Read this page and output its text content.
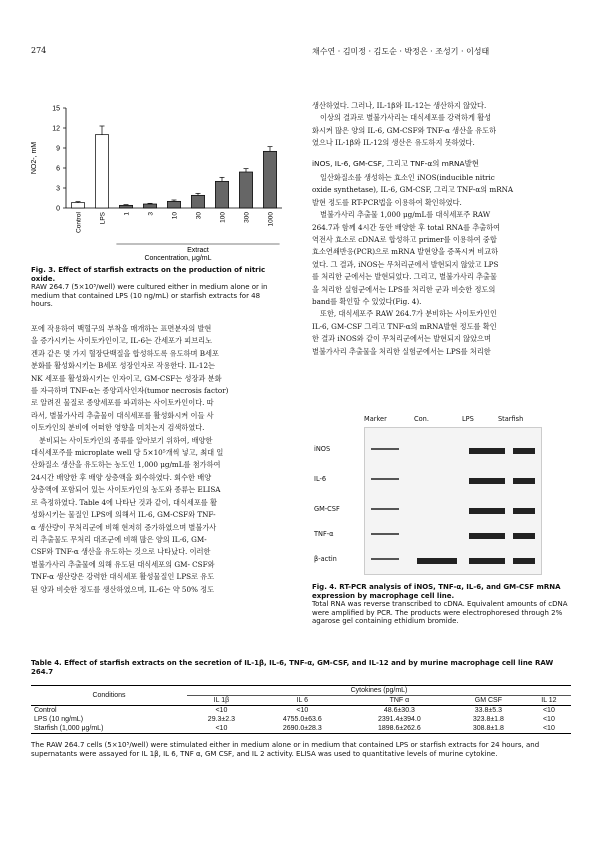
274	채수연 · 김미정 · 김도순 · 박정은 · 조성기 · 이성태
0
3
6
9
12
15
NO2-, mM
Control	LPS	1	3	10	30	100	300	1000
Extract
Concentration, μg/mL
Fig. 3. Effect of starfish extracts on the production of nitric oxide.
RAW 264.7 (5×10⁵/well) were cultured either in medium alone or in medium that contained LPS (10 ng/mL) or starfish extracts for 48 hours.

포에 작용하여 백혈구의 부착을 매개하는 표면분자의 발현

을 증가시키는 사이토카인이고, IL-6는 간세포가 피브리노

겐과 같은 몇 가지 혈장단백질을 합성하도록 유도하며 B세포

분화를 활성화시키는 B세포 성장인자로 작용한다. IL-12는

NK 세포를 활성화시키는 인자이고, GM-CSF는 성장과 분화

를 자극하며 TNF-α는 종양괴사인자(tumor necrosis factor)

로 알려진 물질로 종양세포를 파괴하는 사이토카인이다. 따

라서, 별불가사리 추출물이 대식세포를 활성화시켜 이들 사

이토카인의 분비에 어떠한 영향을 미치는지 검색하였다.

분비되는 사이토카인의 종류를 알아보기 위하여, 배양한

대식세포주를 microplate well 당 5×10⁵개씩 넣고, 최대 일

산화질소 생산을 유도하는 농도인 1,000 μg/mL를 첨가하여

24시간 배양한 후 배양 상층액을 회수하였다. 회수한 배양

상층액에 포함되어 있는 사이토카인의 농도와 종류는 ELISA

로 측정하였다. Table 4에 나타난 것과 같이, 대식세포를 활

성화시키는 물질인 LPS에 의해서 IL-6, GM-CSF와 TNF-

α 생산량이 무처리군에 비해 현저히 증가하였으며 별불가사

리 추출물도 무처리 대조군에 비해 많은 양의 IL-6, GM-

CSF와 TNF-α 생산을 유도하는 것으로 나타났다. 이러한

별불가사리 추출물에 의해 유도된 대식세포의 GM- CSF와

TNF-α 생산량은 강력한 대식세포 활성물질인 LPS로 유도

된 양과 비슷한 정도를 생산하였으며, IL-6는 약 50% 정도

생산하였다. 그러나, IL-1β와 IL-12는 생산하지 않았다.

이상의 결과로 별불가사리는 대식세포를 강력하게 활성

화시켜 많은 양의 IL-6, GM-CSF와 TNF-α 생산을 유도하

였으나 IL-1β와 IL-12의 생산은 유도하지 못하였다.

iNOS, IL-6, GM-CSF, 그리고 TNF-α의 mRNA발현

일산화질소를 생성하는 효소인 iNOS(inducible nitric

oxide synthetase), IL-6, GM-CSF, 그리고 TNF-α의 mRNA

발현 정도를 RT-PCR법을 이용하여 확인하였다.

별불가사리 추출물 1,000 μg/mL를 대식세포주 RAW

264.7과 함께 4시간 동안 배양한 후 total RNA를 추출하여

역전사 효소로 cDNA로 합성하고 primer를 이용하여 중합

효소연쇄반응(PCR)으로 mRNA 발현양을 증폭시켜 비교하

였다. 그 결과, iNOS는 무처리군에서 발현되지 않았고 LPS

를 처리한 군에서는 발현되었다. 그리고, 별불가사리 추출물

을 처리한 실험군에서는 LPS를 처리한 군과 비슷한 정도의

band를 확인할 수 있었다(Fig. 4).

또한, 대식세포주 RAW 264.7가 분비하는 사이토카인인

IL-6, GM-CSF 그리고 TNF-α의 mRNA발현 정도를 확인

한 결과 iNOS와 같이 무처리군에서는 발현되지 않았으며

별불가사리 추출물을 처리한 실험군에서는 LPS를 처리한

Marker	Con.	LPS	Starfish
iNOS
IL-6
GM-CSF
TNF-α
β-actin
Fig. 4. RT-PCR analysis of iNOS, TNF-α, IL-6, and GM-CSF mRNA expression by macrophage cell line.
Total RNA was reverse transcribed to cDNA. Equivalent amounts of cDNA were amplified by PCR. The products were electrophoresed through 2% agarose gel containing ethidium bromide.
Table 4. Effect of starfish extracts on the secretion of IL-1β, IL-6, TNF-α, GM-CSF, and IL-12 and by murine macrophage cell line RAW 264.7
Conditions	Cytokines (pg/mL)				
	IL 1β	IL 6	TNF α	GM CSF	IL 12
Control	<10	<10	48.6±30.3	33.8±5.3	<10
LPS (10 ng/mL)	29.3±2.3	4755.0±63.6	2391.4±394.0	323.8±1.8	<10
Starfish (1,000 μg/mL)	<10	2690.0±28.3	1898.6±262.6	308.8±1.8	<10
The RAW 264.7 cells (5×10⁵/well) were stimulated either in medium alone or in medium that contained LPS or starfish extracts for 24 hours, and supernatants were assayed for IL 1β, IL 6, TNF α, GM CSF, and IL 2 activity. ELISA was used to quantitative levels of murine cytokine.
